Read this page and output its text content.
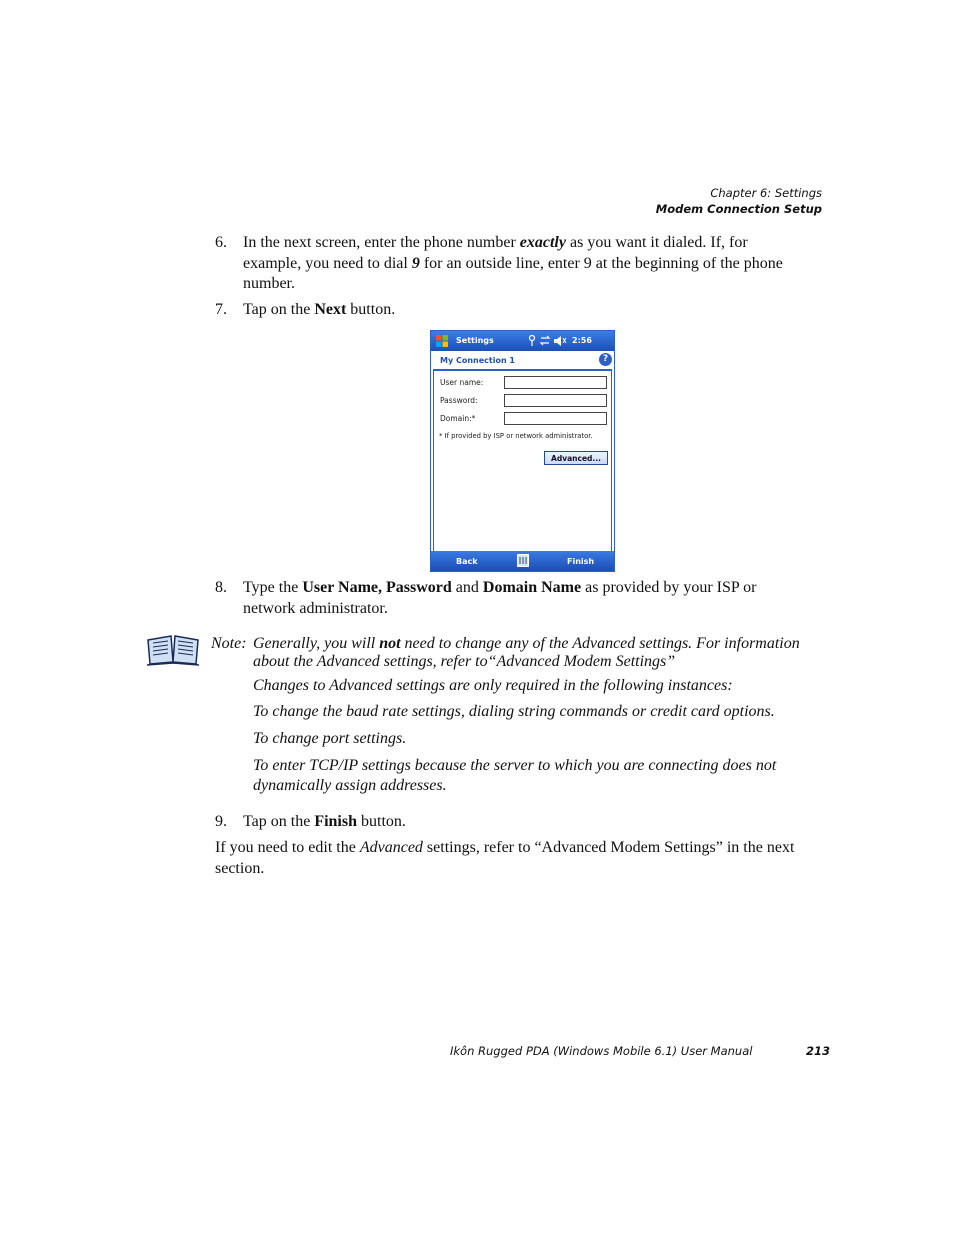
Chapter 6: Settings
Modem Connection Setup
6. In the next screen, enter the phone number exactly as you want it dialed. If, for example, you need to dial 9 for an outside line, enter 9 at the beginning of the phone number.
7. Tap on the Next button.
Settings	2:56
My Connection 1	?
User name:
Password:
Domain:*
* If provided by ISP or network administrator.
Advanced...
Back	Finish
8. Type the User Name, Password and Domain Name as provided by your ISP or network administrator.
Note: Generally, you will not need to change any of the Advanced settings. For information
about the Advanced settings, refer to“Advanced Modem Settings”
Changes to Advanced settings are only required in the following instances:
To change the baud rate settings, dialing string commands or credit card options.
To change port settings.
To enter TCP/IP settings because the server to which you are connecting does not dynamically assign addresses.
9. Tap on the Finish button.
If you need to edit the Advanced settings, refer to “Advanced Modem Settings” in the next section.
Ikôn Rugged PDA (Windows Mobile 6.1) User Manual	213
